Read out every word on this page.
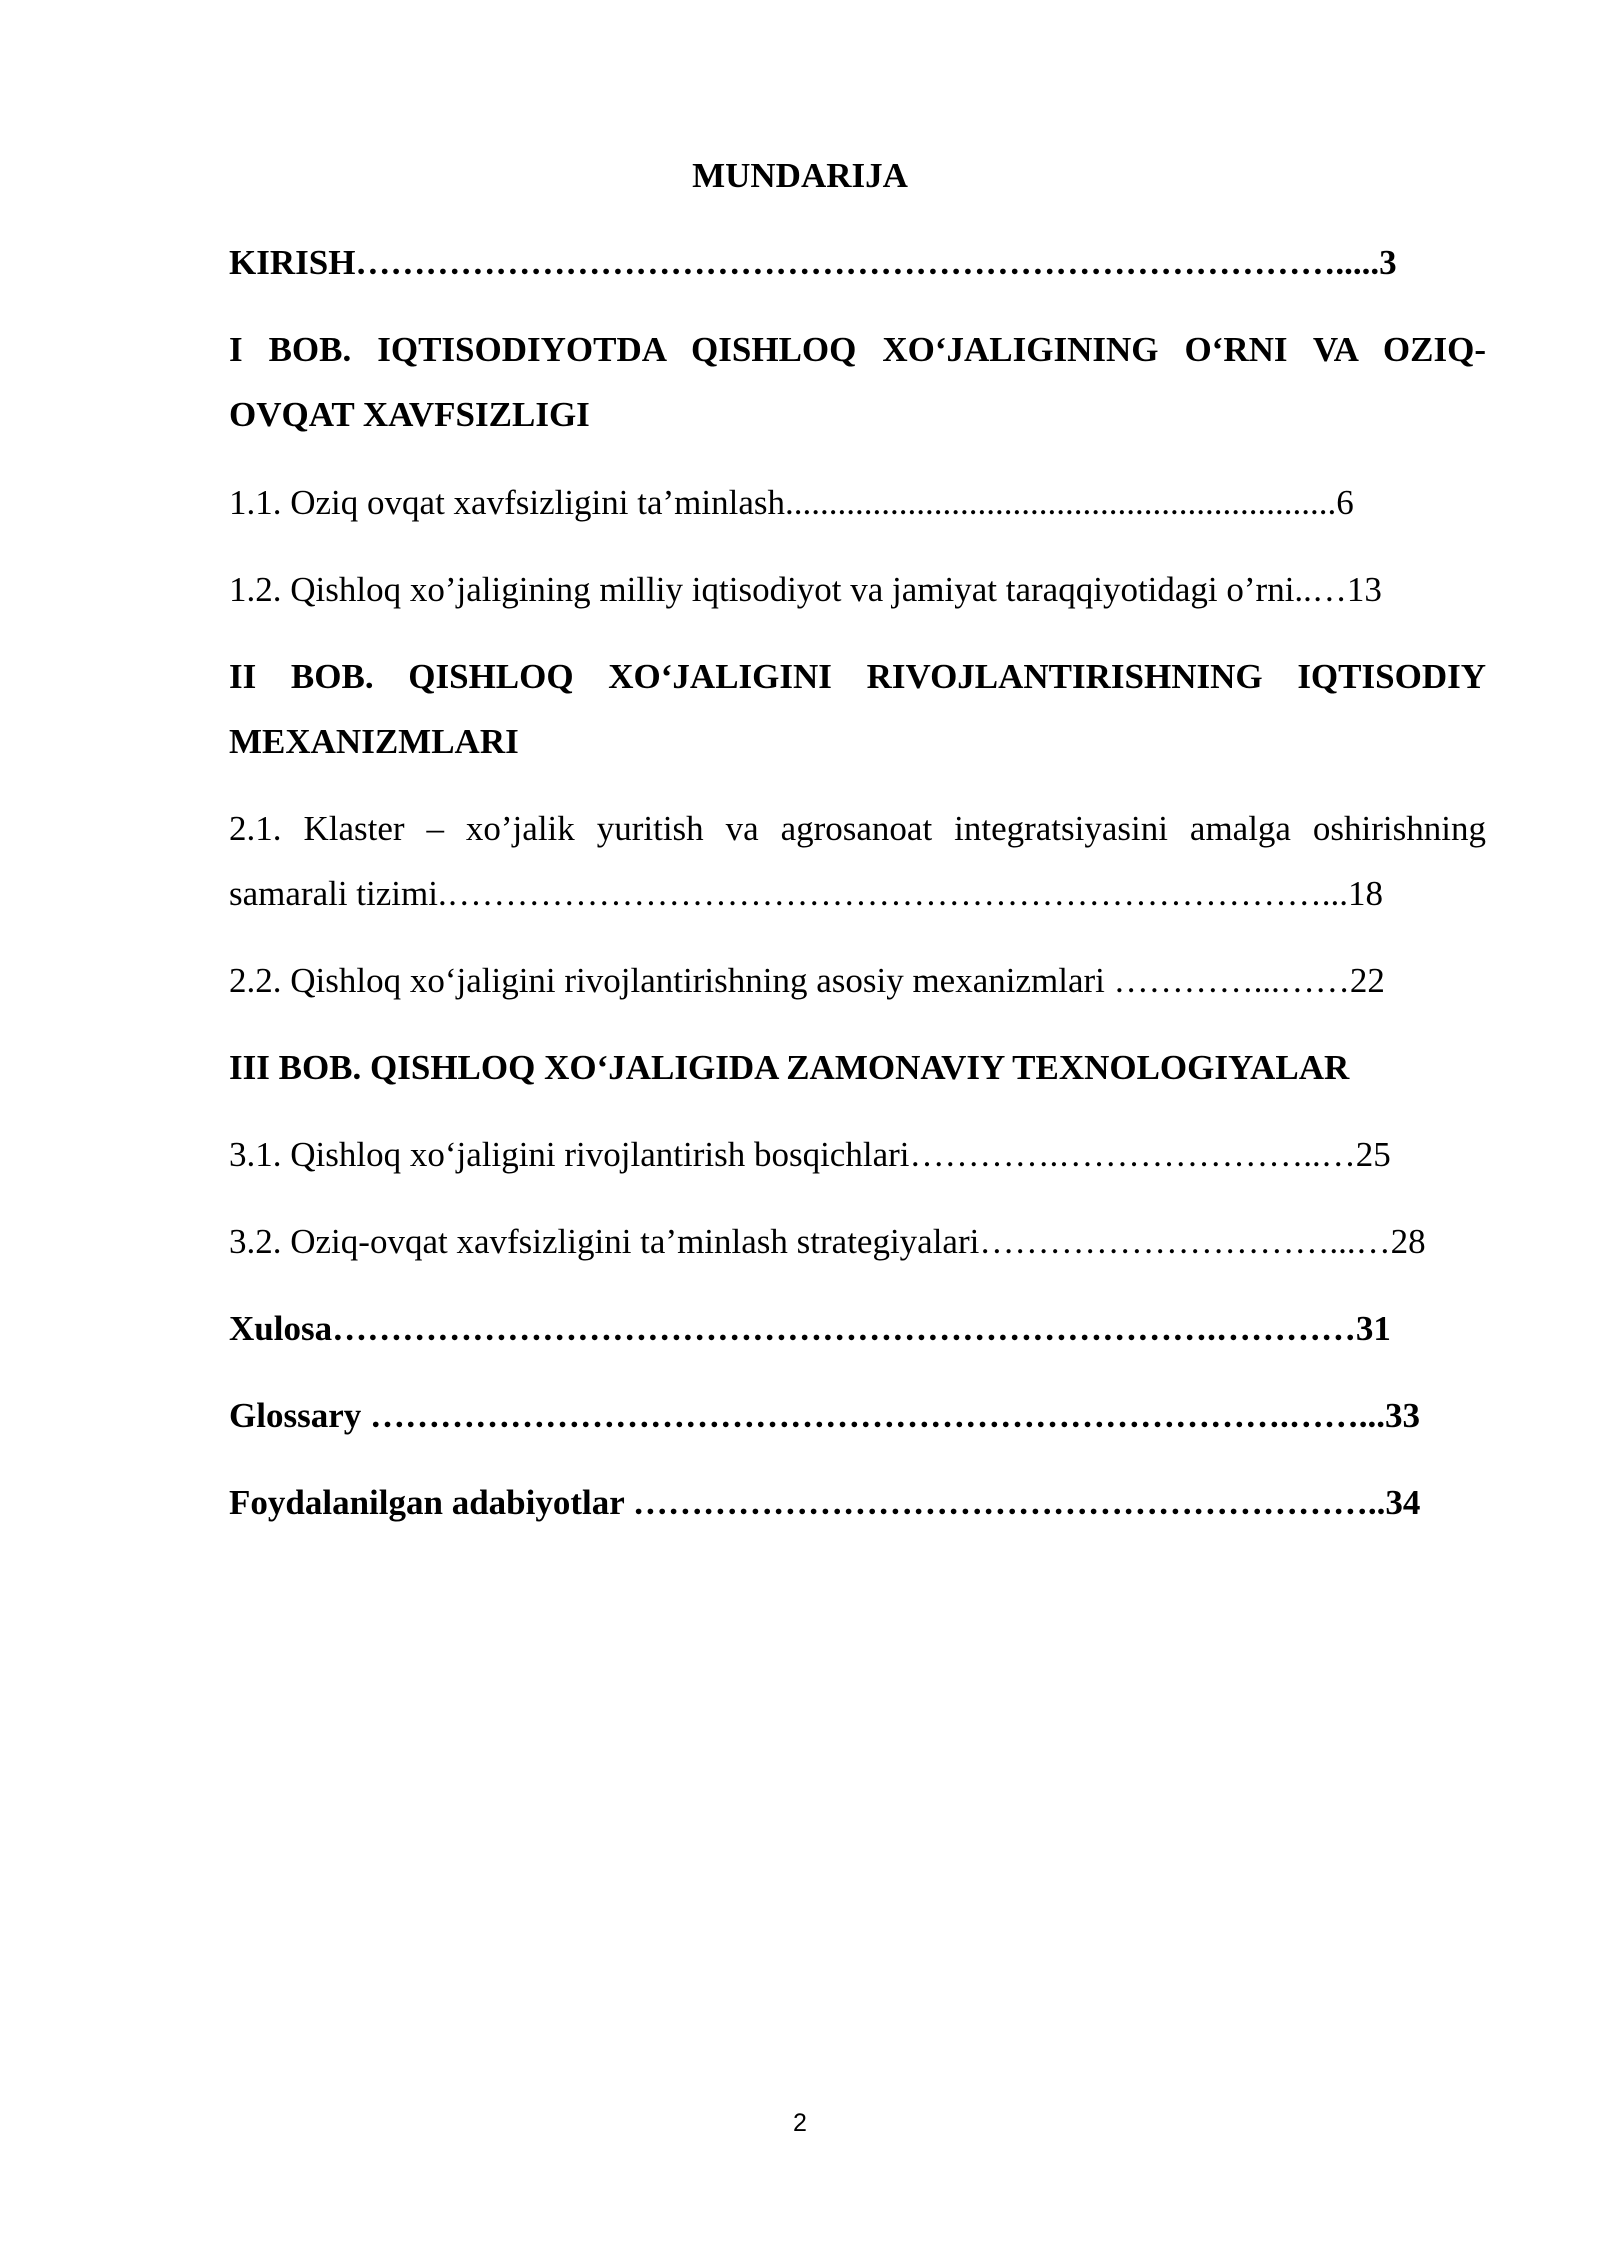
MUNDARIJA
KIRISH………………………………………………………………………….....3
I BOB. IQTISODIYOTDA QISHLOQ XO‘JALIGINING O‘RNI VA OZIQ-
OVQAT XAVFSIZLIGI
1.1. Oziq ovqat xavfsizligini ta’minlash...............................................................6
1.2. Qishloq xo’jaligining milliy iqtisodiyot va jamiyat taraqqiyotidagi o’rni..…13
II BOB. QISHLOQ XO‘JALIGINI RIVOJLANTIRISHNING IQTISODIY
MEXANIZMLARI
2.1. Klaster – xo’jalik yuritish va agrosanoat integratsiyasini amalga oshirishning
samarali tizimi.…………………………………………………………………...18
2.2. Qishloq xo‘jaligini rivojlantirishning asosiy mexanizmlari …………...……22
III BOB. QISHLOQ XO‘JALIGIDA ZAMONAVIY TEXNOLOGIYALAR
3.1. Qishloq xo‘jaligini rivojlantirish bosqichlari………….…………………..…25
3.2. Oziq-ovqat xavfsizligini ta’minlash strategiyalari…………………………...…28
Xulosa………………………………………………………………….…………31
Glossary …………………………………………………………………….……...33
Foydalanilgan adabiyotlar ………………………………………………………..34
2
